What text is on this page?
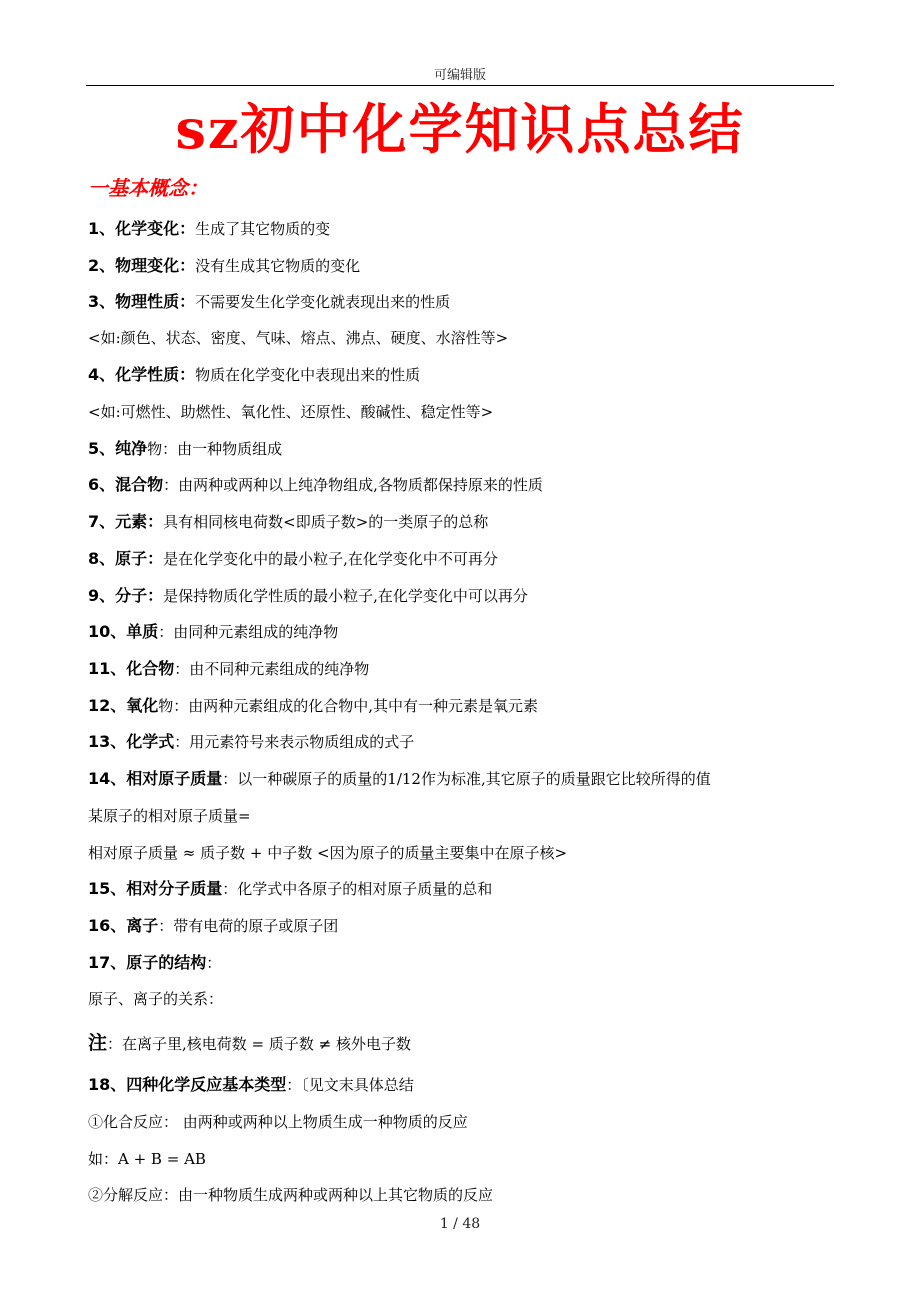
可编辑版
sz初中化学知识点总结
一基本概念：
1、化学变化：生成了其它物质的变
2、物理变化：没有生成其它物质的变化
3、物理性质：不需要发生化学变化就表现出来的性质
<如:颜色、状态、密度、气味、熔点、沸点、硬度、水溶性等>
4、化学性质：物质在化学变化中表现出来的性质
<如:可燃性、助燃性、氧化性、还原性、酸碱性、稳定性等>
5、纯净物：由一种物质组成
6、混合物：由两种或两种以上纯净物组成,各物质都保持原来的性质
7、元素：具有相同核电荷数<即质子数>的一类原子的总称
8、原子：是在化学变化中的最小粒子,在化学变化中不可再分
9、分子：是保持物质化学性质的最小粒子,在化学变化中可以再分
10、单质：由同种元素组成的纯净物
11、化合物：由不同种元素组成的纯净物
12、氧化物：由两种元素组成的化合物中,其中有一种元素是氧元素
13、化学式：用元素符号来表示物质组成的式子
14、相对原子质量：以一种碳原子的质量的1/12作为标准,其它原子的质量跟它比较所得的值
某原子的相对原子质量=
相对原子质量 ≈ 质子数 + 中子数 <因为原子的质量主要集中在原子核>
15、相对分子质量：化学式中各原子的相对原子质量的总和
16、离子：带有电荷的原子或原子团
17、原子的结构：
原子、离子的关系：
注：在离子里,核电荷数 = 质子数 ≠ 核外电子数
18、四种化学反应基本类型：〔见文末具体总结
①化合反应： 由两种或两种以上物质生成一种物质的反应
如：A + B = AB
②分解反应：由一种物质生成两种或两种以上其它物质的反应
1 / 48
